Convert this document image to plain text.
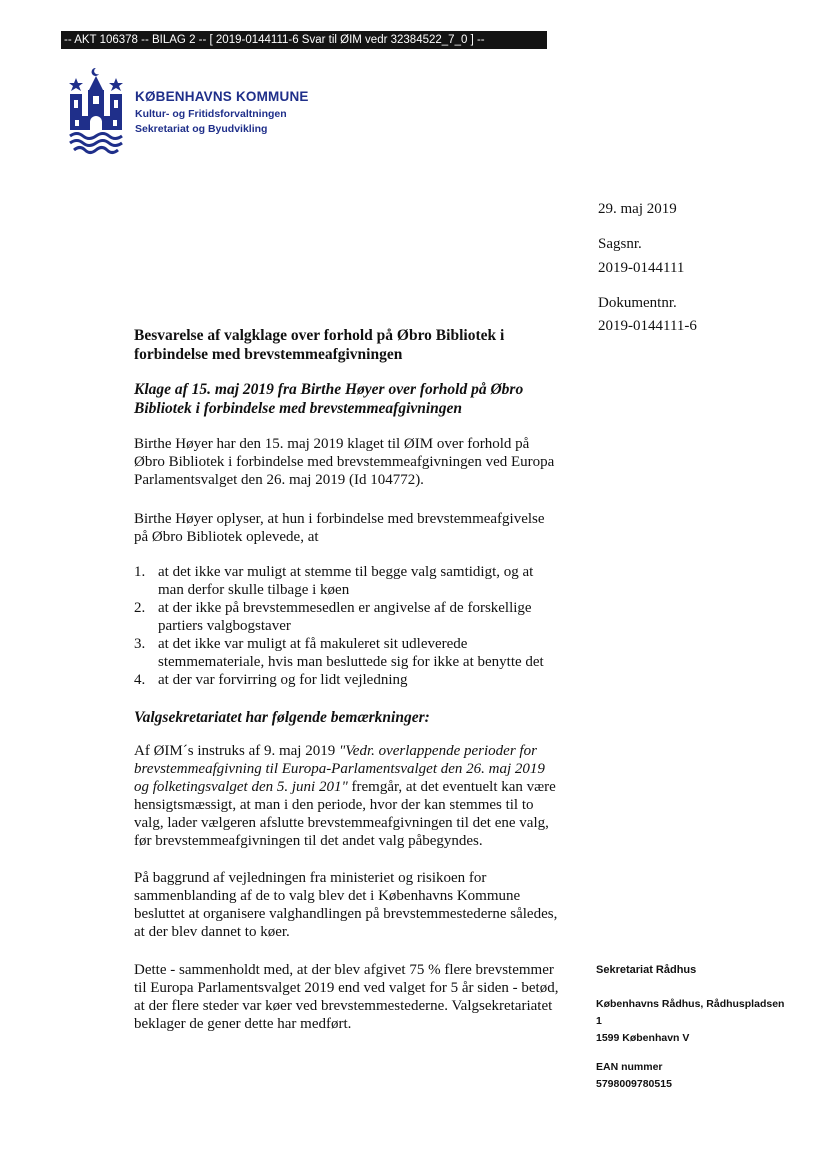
-- AKT 106378 -- BILAG 2 -- [ 2019-0144111-6 Svar til ØIM vedr 32384522_7_0 ] --
KØBENHAVNS KOMMUNE
Kultur- og Fritidsforvaltningen
Sekretariat og Byudvikling
29. maj 2019
Sagsnr.
2019-0144111
Dokumentnr.
2019-0144111-6

Besvarelse af valgklage over forhold på Øbro Bibliotek i

forbindelse med brevstemmeafgivningen

Klage af 15. maj 2019 fra Birthe Høyer over forhold på Øbro

Bibliotek i forbindelse med brevstemmeafgivningen

Birthe Høyer har den 15. maj 2019 klaget til ØIM over forhold på

Øbro Bibliotek i forbindelse med brevstemmeafgivningen ved Europa

Parlamentsvalget den 26. maj 2019 (Id 104772).

Birthe Høyer oplyser, at hun i forbindelse med brevstemmeafgivelse

på Øbro Bibliotek oplevede, at

1. at det ikke var muligt at stemme til begge valg samtidigt, og at
man derfor skulle tilbage i køen
2. at der ikke på brevstemmesedlen er angivelse af de forskellige
partiers valgbogstaver
3. at det ikke var muligt at få makuleret sit udleverede
stemmemateriale, hvis man besluttede sig for ikke at benytte det
4. at der var forvirring og for lidt vejledning

Valgsekretariatet har følgende bemærkninger:

Af ØIM´s instruks af 9. maj 2019 "Vedr. overlappende perioder for

brevstemmeafgivning til Europa-Parlamentsvalget den 26. maj 2019

og folketingsvalget den 5. juni 201" fremgår, at det eventuelt kan være

hensigtsmæssigt, at man i den periode, hvor der kan stemmes til to

valg, lader vælgeren afslutte brevstemmeafgivningen til det ene valg,

før brevstemmeafgivningen til det andet valg påbegyndes.

På baggrund af vejledningen fra ministeriet og risikoen for

sammenblanding af de to valg blev det i Københavns Kommune

besluttet at organisere valghandlingen på brevstemmestederne således,

at der blev dannet to køer.

Dette - sammenholdt med, at der blev afgivet 75 % flere brevstemmer

til Europa Parlamentsvalget 2019 end ved valget for 5 år siden - betød,

at der flere steder var køer ved brevstemmestederne. Valgsekretariatet

beklager de gener dette har medført.

Sekretariat Rådhus
Københavns Rådhus, Rådhuspladsen
1
1599 København V
EAN nummer
5798009780515
